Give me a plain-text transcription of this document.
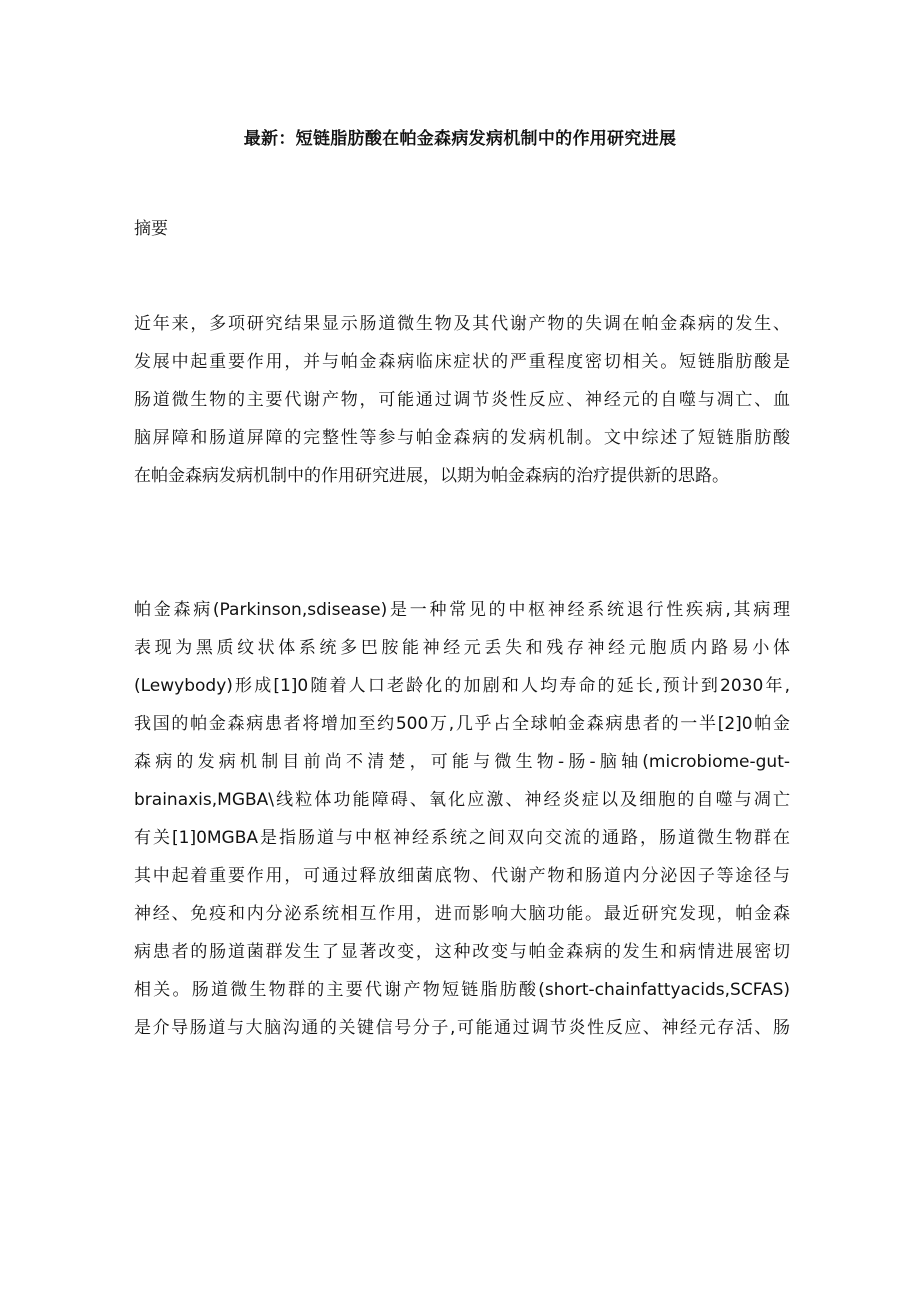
最新：短链脂肪酸在帕金森病发病机制中的作用研究进展
摘要
近年来，多项研究结果显示肠道微生物及其代谢产物的失调在帕金森病的发生、
发展中起重要作用，并与帕金森病临床症状的严重程度密切相关。短链脂肪酸是
肠道微生物的主要代谢产物，可能通过调节炎性反应、神经元的自噬与凋亡、血
脑屏障和肠道屏障的完整性等参与帕金森病的发病机制。文中综述了短链脂肪酸
在帕金森病发病机制中的作用研究进展，以期为帕金森病的治疗提供新的思路。
帕金森病(Parkinson,sdisease)是一种常见的中枢神经系统退行性疾病,其病理
表现为黑质纹状体系统多巴胺能神经元丢失和残存神经元胞质内路易小体
(Lewybody)形成[1]0随着人口老龄化的加剧和人均寿命的延长,预计到2030年,
我国的帕金森病患者将增加至约500万,几乎占全球帕金森病患者的一半[2]0帕金
森病的发病机制目前尚不清楚，可能与微生物-肠-脑轴(microbiome-gut-
brainaxis,MGBA\线粒体功能障碍、氧化应激、神经炎症以及细胞的自噬与凋亡
有关[1]0MGBA是指肠道与中枢神经系统之间双向交流的通路，肠道微生物群在
其中起着重要作用，可通过释放细菌底物、代谢产物和肠道内分泌因子等途径与
神经、免疫和内分泌系统相互作用，进而影响大脑功能。最近研究发现，帕金森
病患者的肠道菌群发生了显著改变，这种改变与帕金森病的发生和病情进展密切
相关。肠道微生物群的主要代谢产物短链脂肪酸(short-chainfattyacids,SCFAS)
是介导肠道与大脑沟通的关键信号分子,可能通过调节炎性反应、神经元存活、肠
